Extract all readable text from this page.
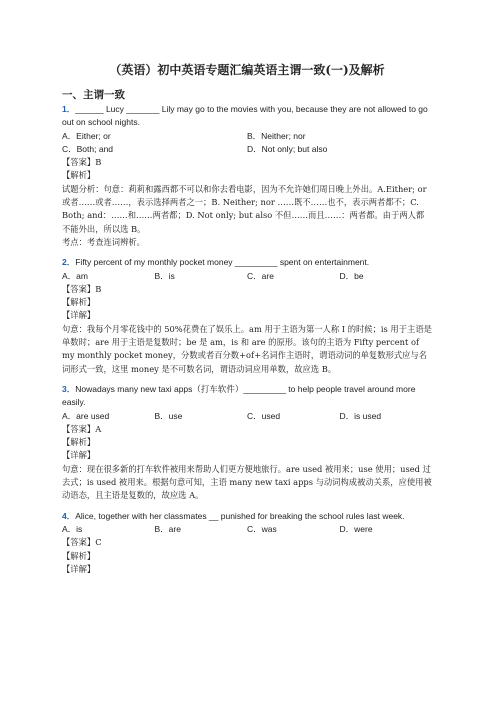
（英语）初中英语专题汇编英语主谓一致(一)及解析
一、主谓一致
1．______ Lucy _______ Lily may go to the movies with you, because they are not allowed to go out on school nights.
A．Either; or	B．Neither; nor
C．Both; and	D．Not only; but also
【答案】B
【解析】
试题分析：句意：莉莉和露西都不可以和你去看电影，因为不允许她们周日晚上外出。A.Either; or 或者……或者……，表示选择两者之一；B. Neither; nor ……既不……也不，表示两者都不；C. Both; and：……和……两者都；D. Not only; but also 不但……而且……：两者都。由于两人都不能外出，所以选 B。
考点：考查连词辨析。
2．Fifty percent of my monthly pocket money _________ spent on entertainment.
A．am	B．is	C．are	D．be
【答案】B
【解析】
【详解】
句意：我每个月零花钱中的 50%花费在了娱乐上。am 用于主语为第一人称 I 的时候；is 用于主语是单数时；are 用于主语是复数时；be 是 am，is 和 are 的原形。该句的主语为 Fifty percent of my monthly pocket money，分数或者百分数+of+名词作主语时，谓语动词的单复数形式应与名词形式一致，这里 money 是不可数名词，谓语动词应用单数，故应选 B。
3．Nowadays many new taxi apps（打车软件）_________ to help people travel around more easily.
A．are used	B．use	C．used	D．is used
【答案】A
【解析】
【详解】
句意：现在很多新的打车软件被用来帮助人们更方便地旅行。are used 被用来；use 使用；used 过去式；is used 被用来。根据句意可知，主语 many new taxi apps 与动词构成被动关系，应使用被动语态，且主语是复数的，故应选 A。
4．Alice, together with her classmates __ punished for breaking the school rules last week.
A．is	B．are	C．was	D．were
【答案】C
【解析】
【详解】
